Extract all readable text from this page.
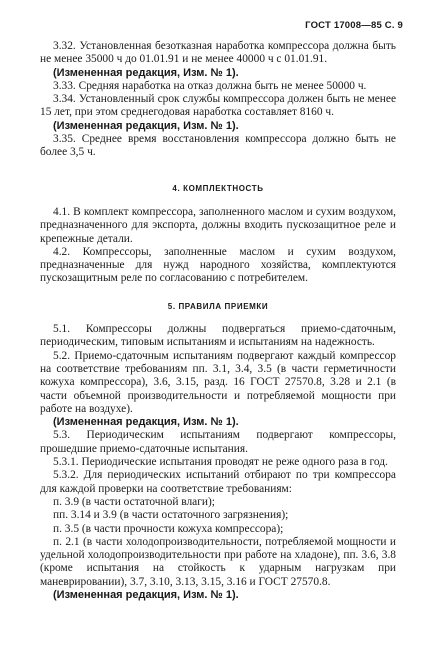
ГОСТ 17008—85 С. 9

3.32. Установленная безотказная наработка компрессора должна быть не менее 35000 ч до 01.01.91 и не менее 40000 ч с 01.01.91.

(Измененная редакция, Изм. № 1).

3.33. Средняя наработка на отказ должна быть не менее 50000 ч.

3.34. Установленный срок службы компрессора должен быть не менее 15 лет, при этом среднегодовая наработка составляет 8160 ч.

(Измененная редакция, Изм. № 1).

3.35. Среднее время восстановления компрессора должно быть не более 3,5 ч.

4. КОМПЛЕКТНОСТЬ

4.1. В комплект компрессора, заполненного маслом и сухим воздухом, предназначенного для экспорта, должны входить пускозащитное реле и крепежные детали.

4.2. Компрессоры, заполненные маслом и сухим воздухом, предназначенные для нужд народного хозяйства, комплектуются пускозащитным реле по согласованию с потребителем.

5. ПРАВИЛА ПРИЕМКИ

5.1. Компрессоры должны подвергаться приемо-сдаточным, периодическим, типовым испытаниям и испытаниям на надежность.

5.2. Приемо-сдаточным испытаниям подвергают каждый компрессор на соответствие требованиям пп. 3.1, 3.4, 3.5 (в части герметичности кожуха компрессора), 3.6, 3.15, разд. 16 ГОСТ 27570.8, 3.28 и 2.1 (в части объемной производительности и потребляемой мощности при работе на воздухе).

(Измененная редакция, Изм. № 1).

5.3. Периодическим испытаниям подвергают компрессоры, прошедшие приемо-сдаточные испытания.

5.3.1. Периодические испытания проводят не реже одного раза в год.

5.3.2. Для периодических испытаний отбирают по три компрессора для каждой проверки на соответствие требованиям:

п. 3.9 (в части остаточной влаги);

пп. 3.14 и 3.9 (в части остаточного загрязнения);

п. 3.5 (в части прочности кожуха компрессора);

п. 2.1 (в части холодопроизводительности, потребляемой мощности и удельной холодопроизводительности при работе на хладоне), пп. 3.6, 3.8 (кроме испытания на стойкость к ударным нагрузкам при маневрировании), 3.7, 3.10, 3.13, 3.15, 3.16 и ГОСТ 27570.8.

(Измененная редакция, Изм. № 1).
